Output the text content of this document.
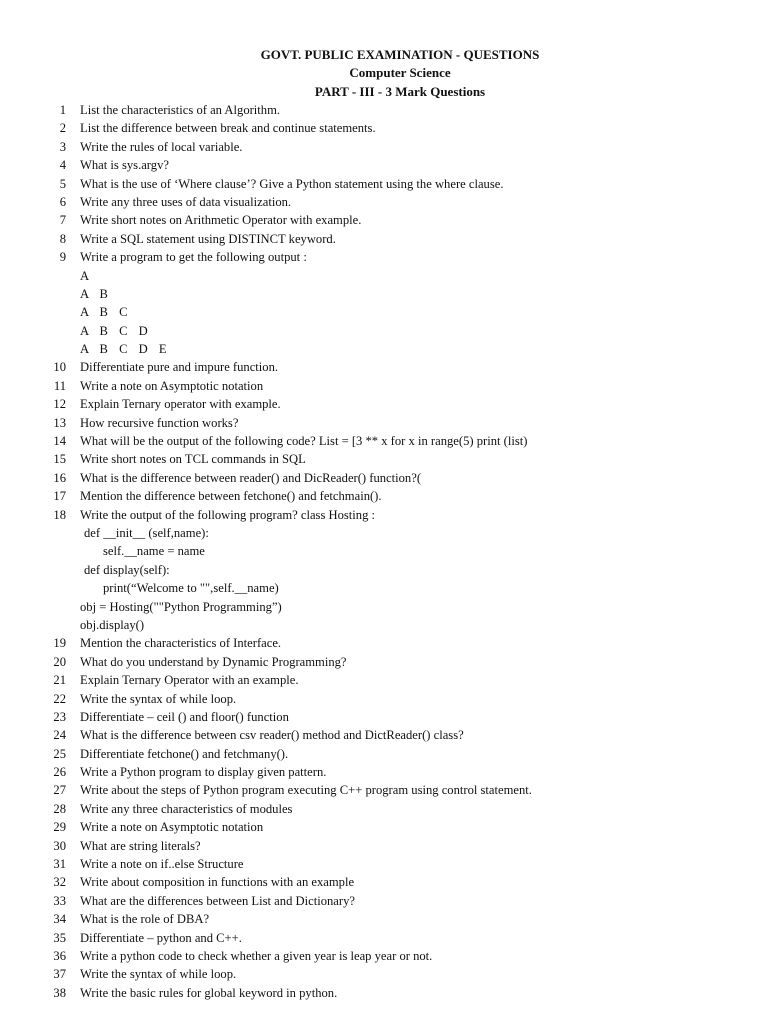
GOVT. PUBLIC EXAMINATION - QUESTIONS
Computer Science
PART - III - 3 Mark Questions
1 List the characteristics of an Algorithm.
2 List the difference between break and continue statements.
3 Write the rules of local variable.
4 What is sys.argv?
5 What is the use of ‘Where clause’? Give a Python statement using the where clause.
6 Write any three uses of data visualization.
7 Write short notes on Arithmetic Operator with example.
8 Write a SQL statement using DISTINCT keyword.
9 Write a program to get the following output :
A
A B
A B C
A B C D
A B C D E
10 Differentiate pure and impure function.
11 Write a note on Asymptotic notation
12 Explain Ternary operator with example.
13 How recursive function works?
14 What will be the output of the following code? List = [3 ** x for x in range(5) print (list)
15 Write short notes on TCL commands in SQL
16 What is the difference between reader() and DicReader() function?(
17 Mention the difference between fetchone() and fetchmain().
18 Write the output of the following program? class Hosting :
def __init__ (self,name):
self.__name = name
def display(self):
print(“Welcome to "",self.__name)
obj = Hosting(""Python Programming”)
obj.display()
19 Mention the characteristics of Interface.
20 What do you understand by Dynamic Programming?
21 Explain Ternary Operator with an example.
22 Write the syntax of while loop.
23 Differentiate – ceil () and floor() function
24 What is the difference between csv reader() method and DictReader() class?
25 Differentiate fetchone() and fetchmany().
26 Write a Python program to display given pattern.
27 Write about the steps of Python program executing C++ program using control statement.
28 Write any three characteristics of modules
29 Write a note on Asymptotic notation
30 What are string literals?
31 Write a note on if..else Structure
32 Write about composition in functions with an example
33 What are the differences between List and Dictionary?
34 What is the role of DBA?
35 Differentiate – python and C++.
36 Write a python code to check whether a given year is leap year or not.
37 Write the syntax of while loop.
38 Write the basic rules for global keyword in python.
